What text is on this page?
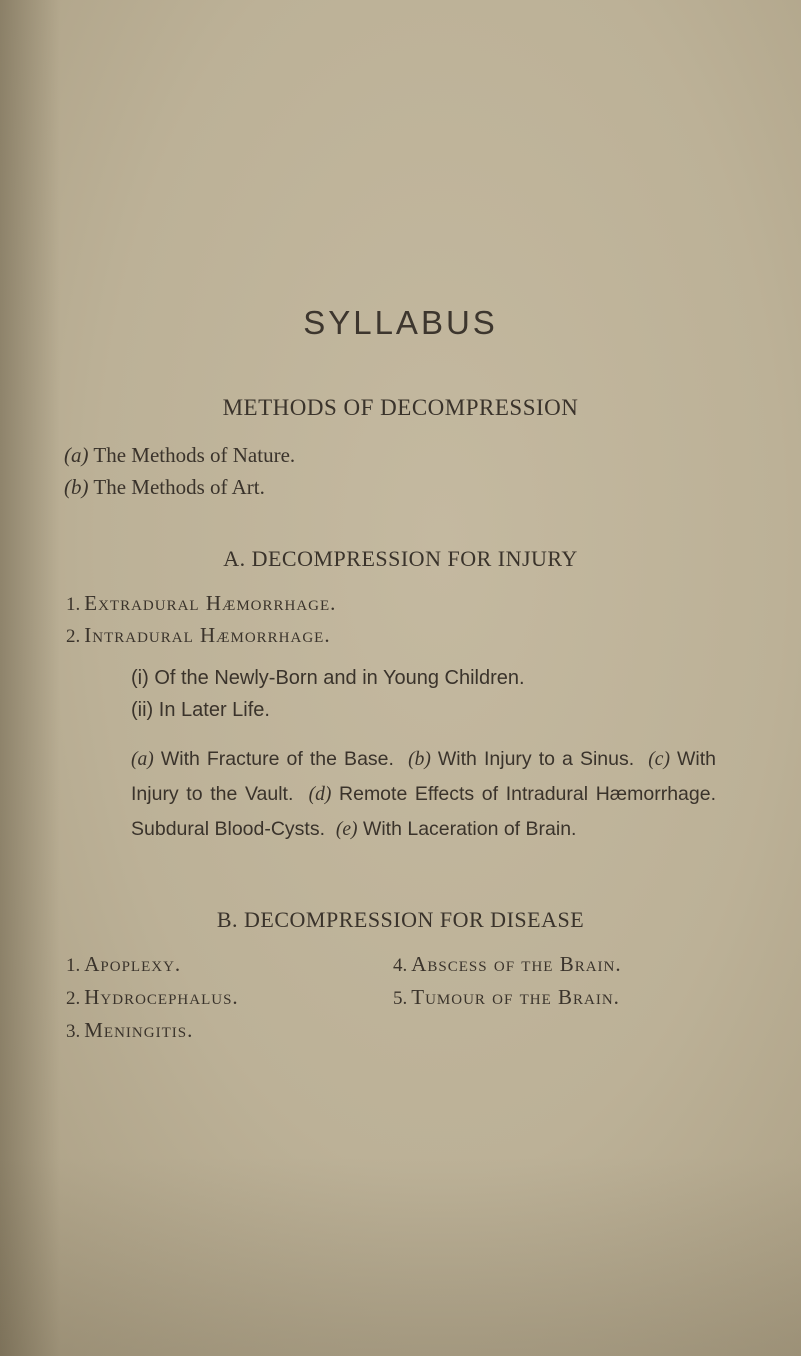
SYLLABUS
METHODS OF DECOMPRESSION
(a) The Methods of Nature.
(b) The Methods of Art.
A. DECOMPRESSION FOR INJURY
1. Extradural Hæmorrhage.
2. Intradural Hæmorrhage.
(i) Of the Newly-Born and in Young Children.
(ii) In Later Life.
(a) With Fracture of the Base. (b) With Injury to a Sinus. (c) With Injury to the Vault. (d) Remote Effects of Intradural Hæmorrhage. Subdural Blood-Cysts. (e) With Laceration of Brain.
B. DECOMPRESSION FOR DISEASE
1. Apoplexy.
2. Hydrocephalus.
3. Meningitis.
4. Abscess of the Brain.
5. Tumour of the Brain.
